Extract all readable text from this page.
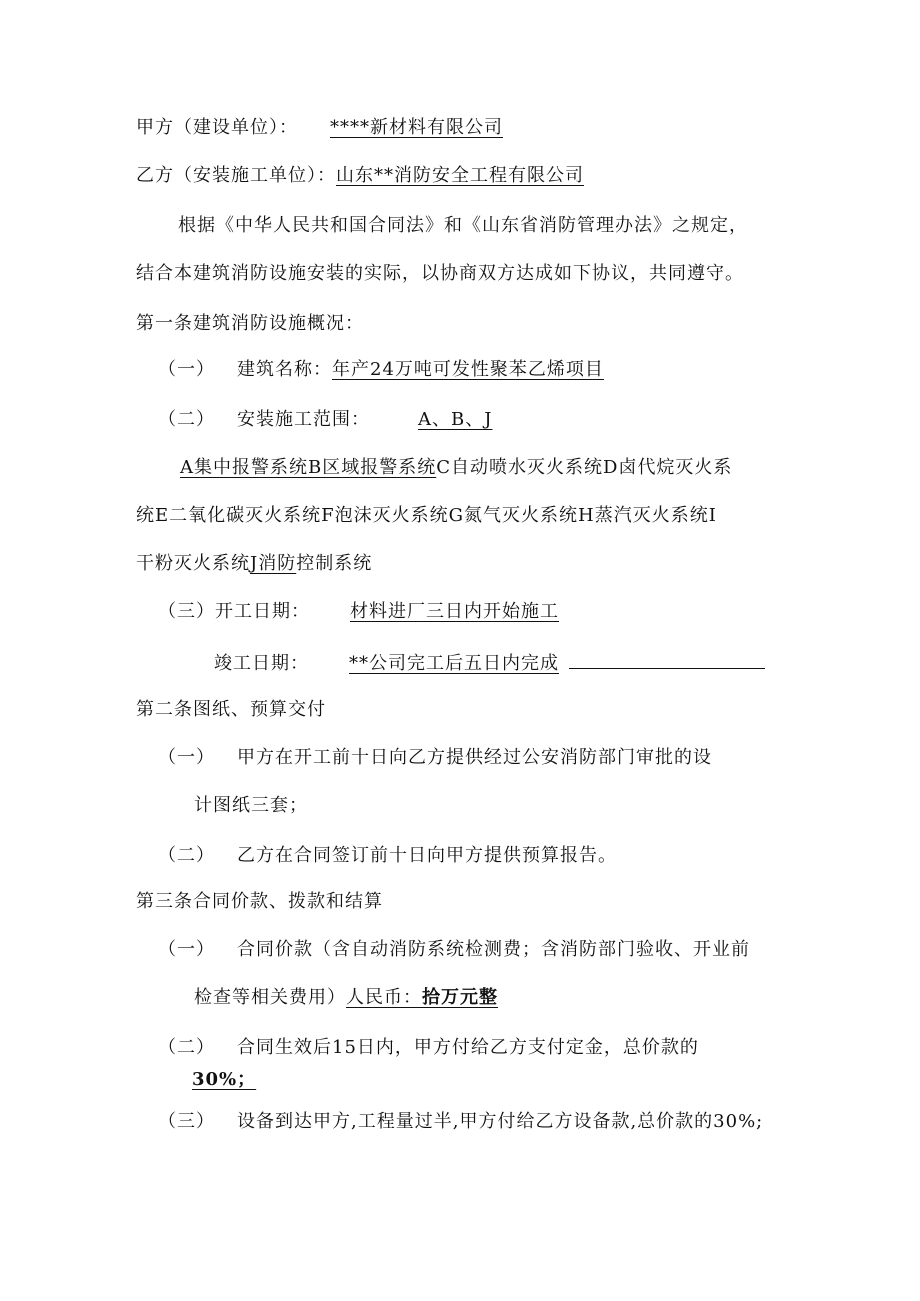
甲方（建设单位）： ****新材料有限公司
乙方（安装施工单位）：山东**消防安全工程有限公司
根据《中华人民共和国合同法》和《山东省消防管理办法》之规定，
结合本建筑消防设施安装的实际，以协商双方达成如下协议，共同遵守。
第一条建筑消防设施概况：
（一） 建筑名称：年产24万吨可发性聚苯乙烯项目
（二） 安装施工范围：	A、B、J
A集中报警系统B区域报警系统C自动喷水灭火系统D卤代烷灭火系
统E二氧化碳灭火系统F泡沫灭火系统G氮气灭火系统H蒸汽灭火系统I
干粉灭火系统J消防控制系统
（三）开工日期： 材料进厂三日内开始施工
竣工日期： **公司完工后五日内完成
第二条图纸、预算交付
（一） 甲方在开工前十日向乙方提供经过公安消防部门审批的设
计图纸三套；
（二） 乙方在合同签订前十日向甲方提供预算报告。
第三条合同价款、拨款和结算
（一） 合同价款（含自动消防系统检测费；含消防部门验收、开业前
检查等相关费用）人民币：拾万元整
（二） 合同生效后15日内，甲方付给乙方支付定金，总价款的
30%；
（三） 设备到达甲方,工程量过半,甲方付给乙方设备款,总价款的30%;
